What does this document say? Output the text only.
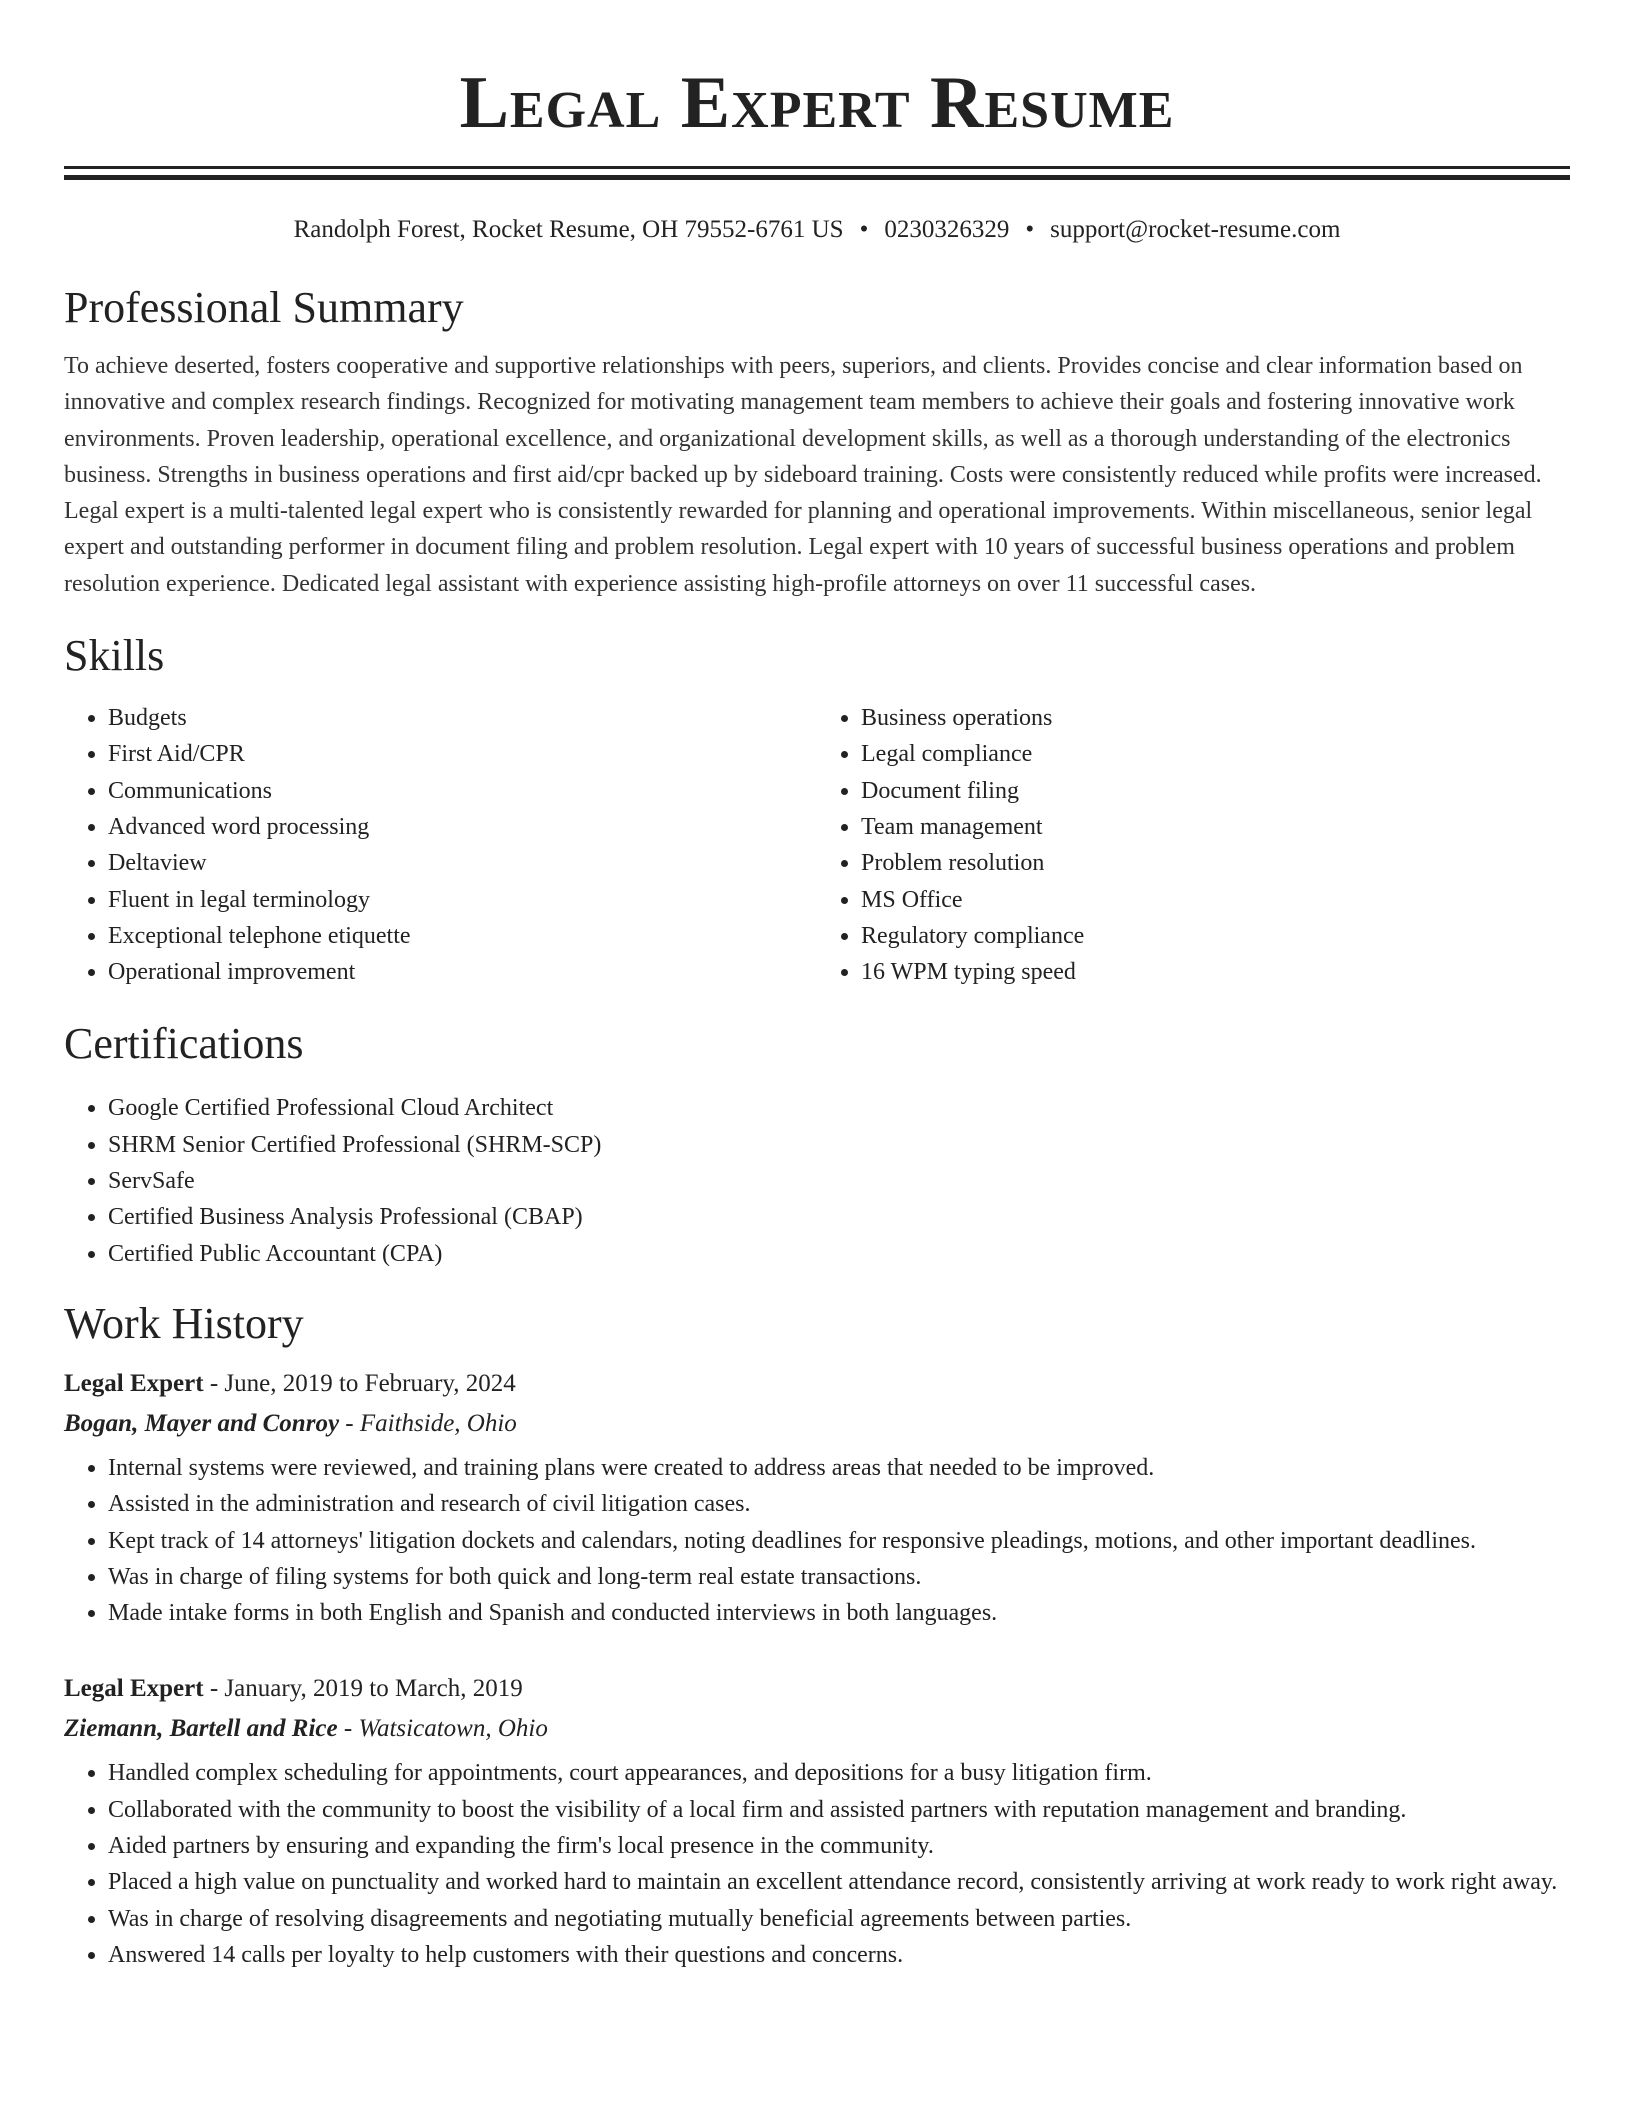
Legal Expert Resume
Randolph Forest, Rocket Resume, OH 79552-6761 US • 0230326329 • support@rocket-resume.com
Professional Summary

To achieve deserted, fosters cooperative and supportive relationships with peers, superiors, and clients. Provides concise and clear information based on innovative and complex research findings. Recognized for motivating management team members to achieve their goals and fostering innovative work environments. Proven leadership, operational excellence, and organizational development skills, as well as a thorough understanding of the electronics business. Strengths in business operations and first aid/cpr backed up by sideboard training. Costs were consistently reduced while profits were increased. Legal expert is a multi-talented legal expert who is consistently rewarded for planning and operational improvements. Within miscellaneous, senior legal expert and outstanding performer in document filing and problem resolution. Legal expert with 10 years of successful business operations and problem resolution experience. Dedicated legal assistant with experience assisting high-profile attorneys on over 11 successful cases.

Skills
• Budgets
• First Aid/CPR
• Communications
• Advanced word processing
• Deltaview
• Fluent in legal terminology
• Exceptional telephone etiquette
• Operational improvement
• Business operations
• Legal compliance
• Document filing
• Team management
• Problem resolution
• MS Office
• Regulatory compliance
• 16 WPM typing speed
Certifications
• Google Certified Professional Cloud Architect
• SHRM Senior Certified Professional (SHRM-SCP)
• ServSafe
• Certified Business Analysis Professional (CBAP)
• Certified Public Accountant (CPA)
Work History
Legal Expert - June, 2019 to February, 2024
Bogan, Mayer and Conroy - Faithside, Ohio
• Internal systems were reviewed, and training plans were created to address areas that needed to be improved.
• Assisted in the administration and research of civil litigation cases.
• Kept track of 14 attorneys' litigation dockets and calendars, noting deadlines for responsive pleadings, motions, and other important deadlines.
• Was in charge of filing systems for both quick and long-term real estate transactions.
• Made intake forms in both English and Spanish and conducted interviews in both languages.
Legal Expert - January, 2019 to March, 2019
Ziemann, Bartell and Rice - Watsicatown, Ohio
• Handled complex scheduling for appointments, court appearances, and depositions for a busy litigation firm.
• Collaborated with the community to boost the visibility of a local firm and assisted partners with reputation management and branding.
• Aided partners by ensuring and expanding the firm's local presence in the community.
• Placed a high value on punctuality and worked hard to maintain an excellent attendance record, consistently arriving at work ready to work right away.
• Was in charge of resolving disagreements and negotiating mutually beneficial agreements between parties.
• Answered 14 calls per loyalty to help customers with their questions and concerns.
